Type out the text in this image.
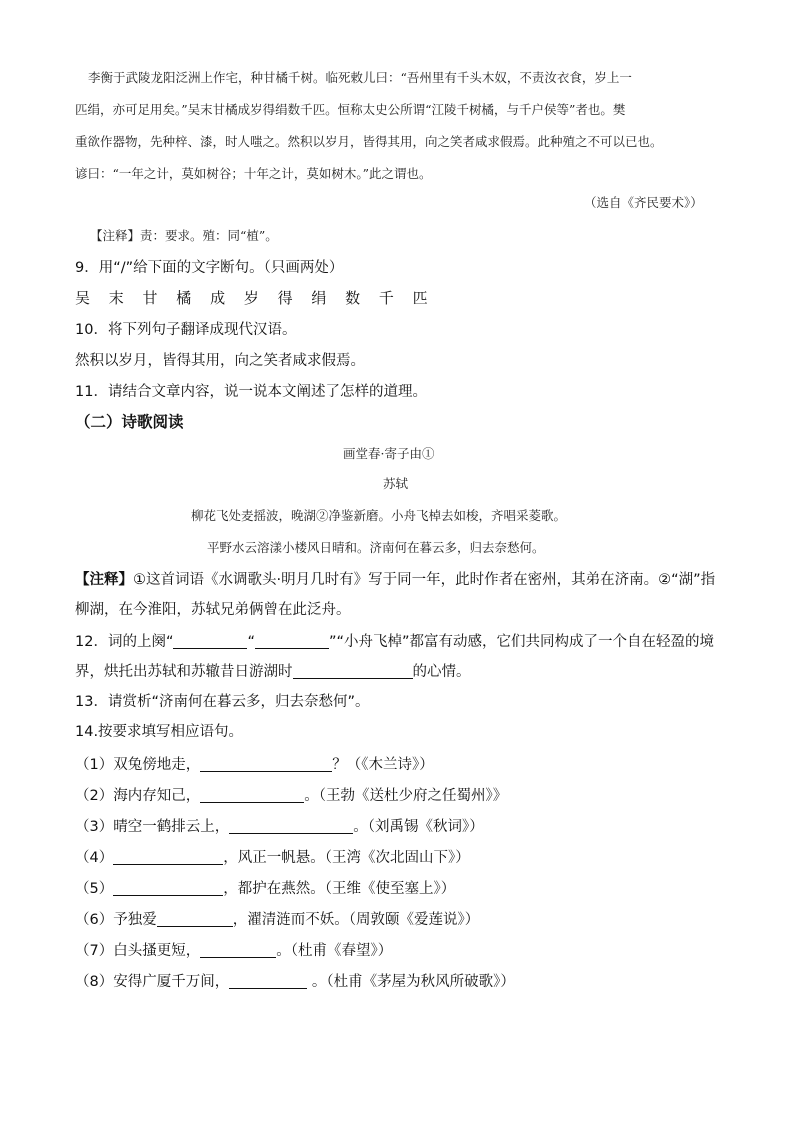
李衡于武陵龙阳泛洲上作宅，种甘橘千树。临死敕儿曰：“吾州里有千头木奴，不责汝衣食，岁上一
匹绢，亦可足用矣。”吴末甘橘成岁得绢数千匹。恒称太史公所谓“江陵千树橘，与千户侯等”者也。樊
重欲作器物，先种梓、漆，时人嗤之。然积以岁月，皆得其用，向之笑者咸求假焉。此种殖之不可以已也。
谚曰：“一年之计，莫如树谷；十年之计，莫如树木。”此之谓也。
（选自《齐民要术》）
【注释】责：要求。殖：同“植”。
9．用“/”给下面的文字断句。（只画两处）
吴 末 甘 橘 成 岁 得 绢 数 千 匹
10．将下列句子翻译成现代汉语。
然积以岁月，皆得其用，向之笑者咸求假焉。
11．请结合文章内容，说一说本文阐述了怎样的道理。
（二）诗歌阅读
画堂春·寄子由①
苏轼
柳花飞处麦摇波，晚湖②净鉴新磨。小舟飞棹去如梭，齐唱采菱歌。
平野水云溶漾小楼风日晴和。济南何在暮云多，归去奈愁何。
【注释】①这首词语《水调歌头·明月几时有》写于同一年，此时作者在密州，其弟在济南。②“湖”指
柳湖，在今淮阳，苏轼兄弟俩曾在此泛舟。
12．词的上阕“	“	”“小舟飞棹”都富有动感，它们共同构成了一个自在轻盈的境
界，烘托出苏轼和苏辙昔日游湖时	的心情。
13．请赏析“济南何在暮云多，归去奈愁何”。
14.按要求填写相应语句。
（1）双兔傍地走，	？（《木兰诗》）
（2）海内存知己，	。（王勃《送杜少府之任蜀州》》
（3）晴空一鹤排云上，	。（刘禹锡《秋词》）
（4）	，风正一帆悬。（王湾《次北固山下》）
（5）	，都护在燕然。（王维《使至塞上》）
（6）予独爱	，濯清涟而不妖。（周敦颐《爱莲说》）
（7）白头搔更短，	。（杜甫《春望》）
（8）安得广厦千万间，	。（杜甫《茅屋为秋风所破歌》）
